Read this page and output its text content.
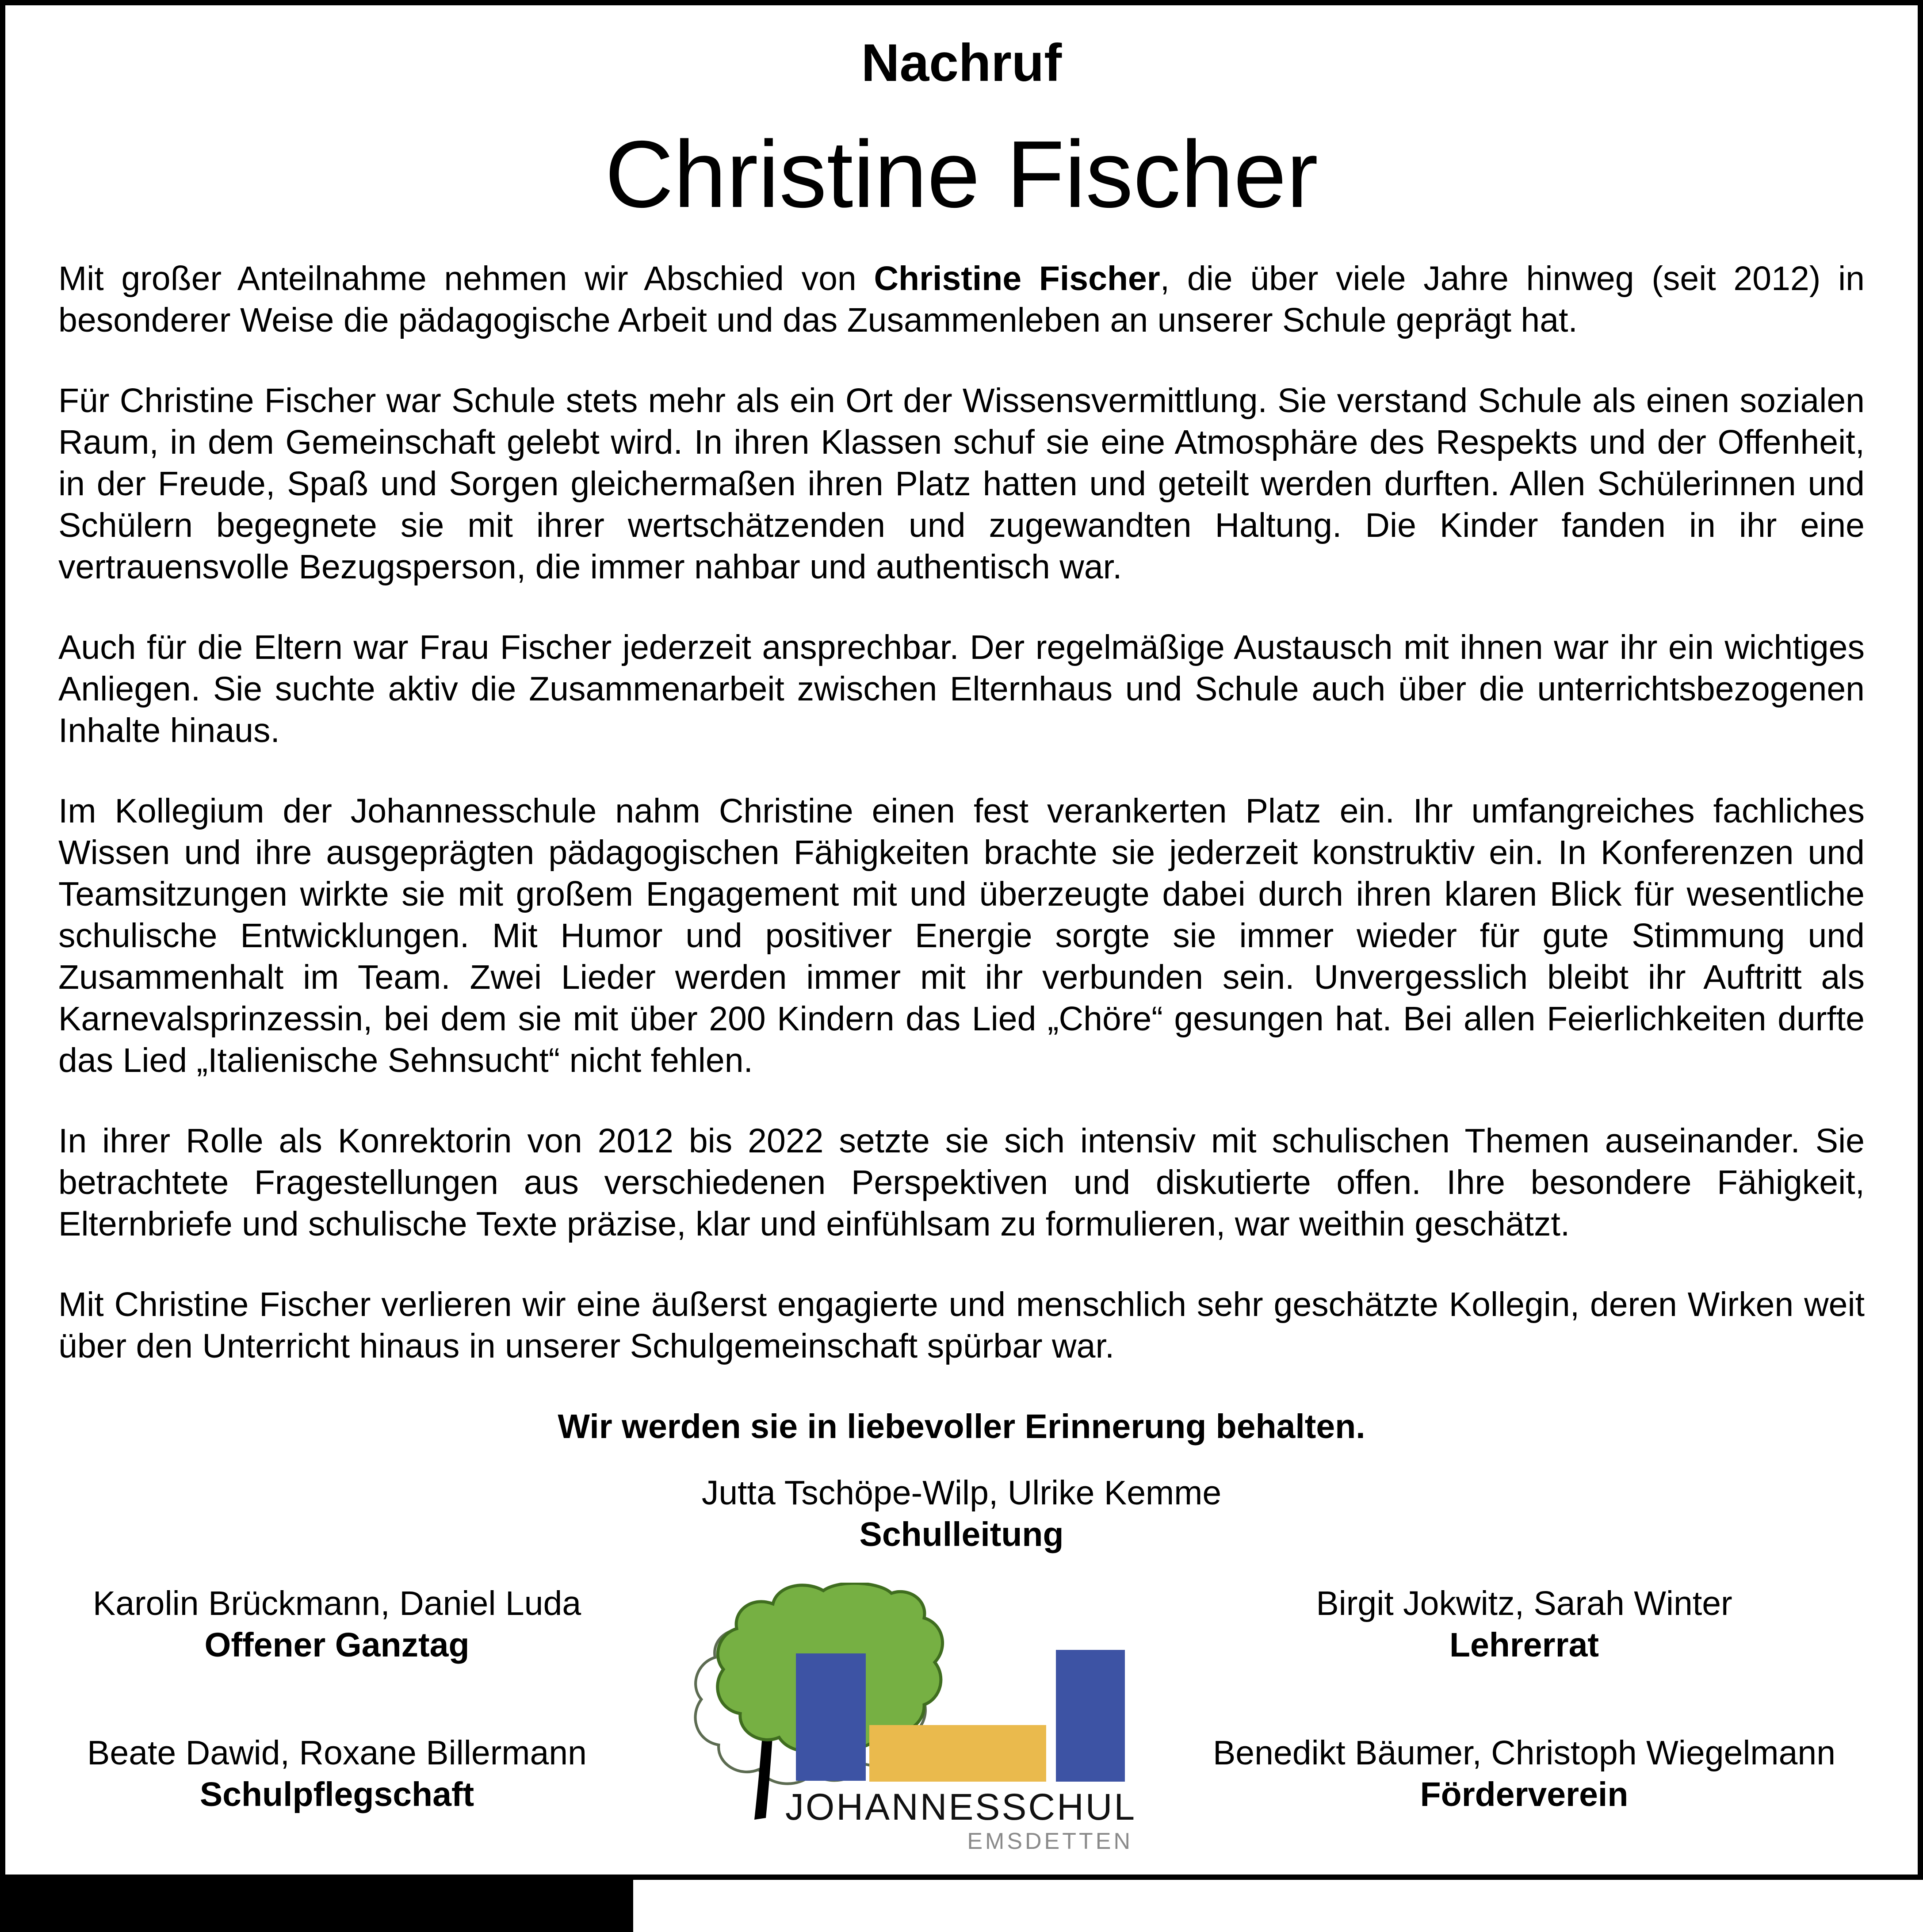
Nachruf
Christine Fischer

Mit großer Anteilnahme nehmen wir Abschied von Christine Fischer, die über viele Jahre hinweg (seit 2012) in besonderer Weise die pädagogische Arbeit und das Zusammenleben an unserer Schule geprägt hat.

Für Christine Fischer war Schule stets mehr als ein Ort der Wissensvermittlung. Sie verstand Schule als einen sozialen Raum, in dem Gemeinschaft gelebt wird. In ihren Klassen schuf sie eine Atmosphäre des Respekts und der Offenheit, in der Freude, Spaß und Sorgen gleichermaßen ihren Platz hatten und geteilt werden durften. Allen Schülerinnen und Schülern begegnete sie mit ihrer wertschätzenden und zugewandten Haltung. Die Kinder fanden in ihr eine vertrauensvolle Bezugsperson, die immer nahbar und authentisch war.

Auch für die Eltern war Frau Fischer jederzeit ansprechbar. Der regelmäßige Austausch mit ihnen war ihr ein wichtiges Anliegen. Sie suchte aktiv die Zusammenarbeit zwischen Elternhaus und Schule auch über die unterrichtsbezogenen Inhalte hinaus.

Im Kollegium der Johannesschule nahm Christine einen fest verankerten Platz ein. Ihr umfangreiches fachliches Wissen und ihre ausgeprägten pädagogischen Fähigkeiten brachte sie jederzeit konstruktiv ein. In Konferenzen und Teamsitzungen wirkte sie mit großem Engagement mit und überzeugte dabei durch ihren klaren Blick für wesentliche schulische Entwicklungen. Mit Humor und positiver Energie sorgte sie immer wieder für gute Stimmung und Zusammenhalt im Team. Zwei Lieder werden immer mit ihr verbunden sein. Unvergesslich bleibt ihr Auftritt als Karnevalsprinzessin, bei dem sie mit über 200 Kindern das Lied „Chöre“ gesungen hat. Bei allen Feierlichkeiten durfte das Lied „Italienische Sehnsucht“ nicht fehlen.

In ihrer Rolle als Konrektorin von 2012 bis 2022 setzte sie sich intensiv mit schulischen Themen auseinander. Sie betrachtete Fragestellungen aus verschiedenen Perspektiven und diskutierte offen. Ihre besondere Fähigkeit, Elternbriefe und schulische Texte präzise, klar und einfühlsam zu formulieren, war weithin geschätzt.

Mit Christine Fischer verlieren wir eine äußerst engagierte und menschlich sehr geschätzte Kollegin, deren Wirken weit über den Unterricht hinaus in unserer Schulgemeinschaft spürbar war.

Wir werden sie in liebevoller Erinnerung behalten.
Jutta Tschöpe-Wilp, Ulrike Kemme
Schulleitung
Karolin Brückmann, Daniel Luda
Offener Ganztag
Beate Dawid, Roxane Billermann
Schulpflegschaft	JOHANNESSCHULE
EMSDETTEN
Birgit Jokwitz, Sarah Winter
Lehrerrat
Benedikt Bäumer, Christoph Wiegelmann
Förderverein
